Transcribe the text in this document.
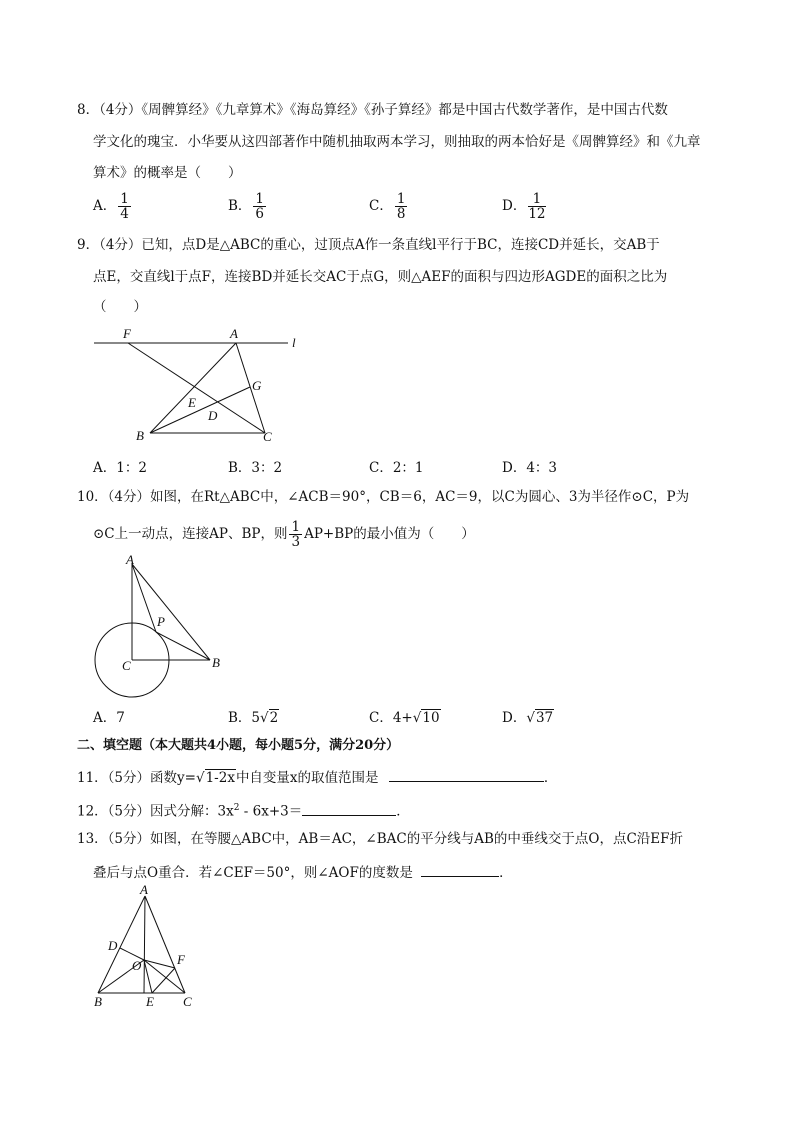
8．（4分）《周髀算经》《九章算术》《海岛算经》《孙子算经》都是中国古代数学著作，是中国古代数
学文化的瑰宝．小华要从这四部著作中随机抽取两本学习，则抽取的两本恰好是《周髀算经》和《九章
算术》的概率是（　　）
A． $\frac{1}{4}$	B． $\frac{1}{6}$	C． $\frac{1}{8}$	D． $\frac{1}{12}$
9．（4分）已知，点D是△ABC的重心，过顶点A作一条直线l平行于BC，连接CD并延长，交AB于
点E，交直线l于点F，连接BD并延长交AC于点G，则△AEF的面积与四边形AGDE的面积之比为
（　　）
F	A
l
G
E
D
B	C
A．1：2	B．3：2	C．2：1	D．4：3
10．（4分）如图，在Rt△ABC中，∠ACB＝90°，CB＝6，AC＝9，以C为圆心、3为半径作⊙C，P为
⊙C上一动点，连接AP、BP，则 $\frac{1}{3} AP+BP$的最小值为（　　）
A
P
C	B
A．7	B．5√2	C．4+√10	D．√37
二、填空题（本大题共4小题，每小题5分，满分20分）
11．（5分）函数y=√1-2x中自变量x的取值范围是	．
12．（5分）因式分解：$3x^2 - 6x+3=$	．
13．（5分）如图，在等腰△ABC中，AB＝AC，∠BAC的平分线与AB的中垂线交于点O，点C沿EF折
叠后与点O重合．若∠CEF＝50°，则∠AOF的度数是	．
A
D
F
O
B	E C
